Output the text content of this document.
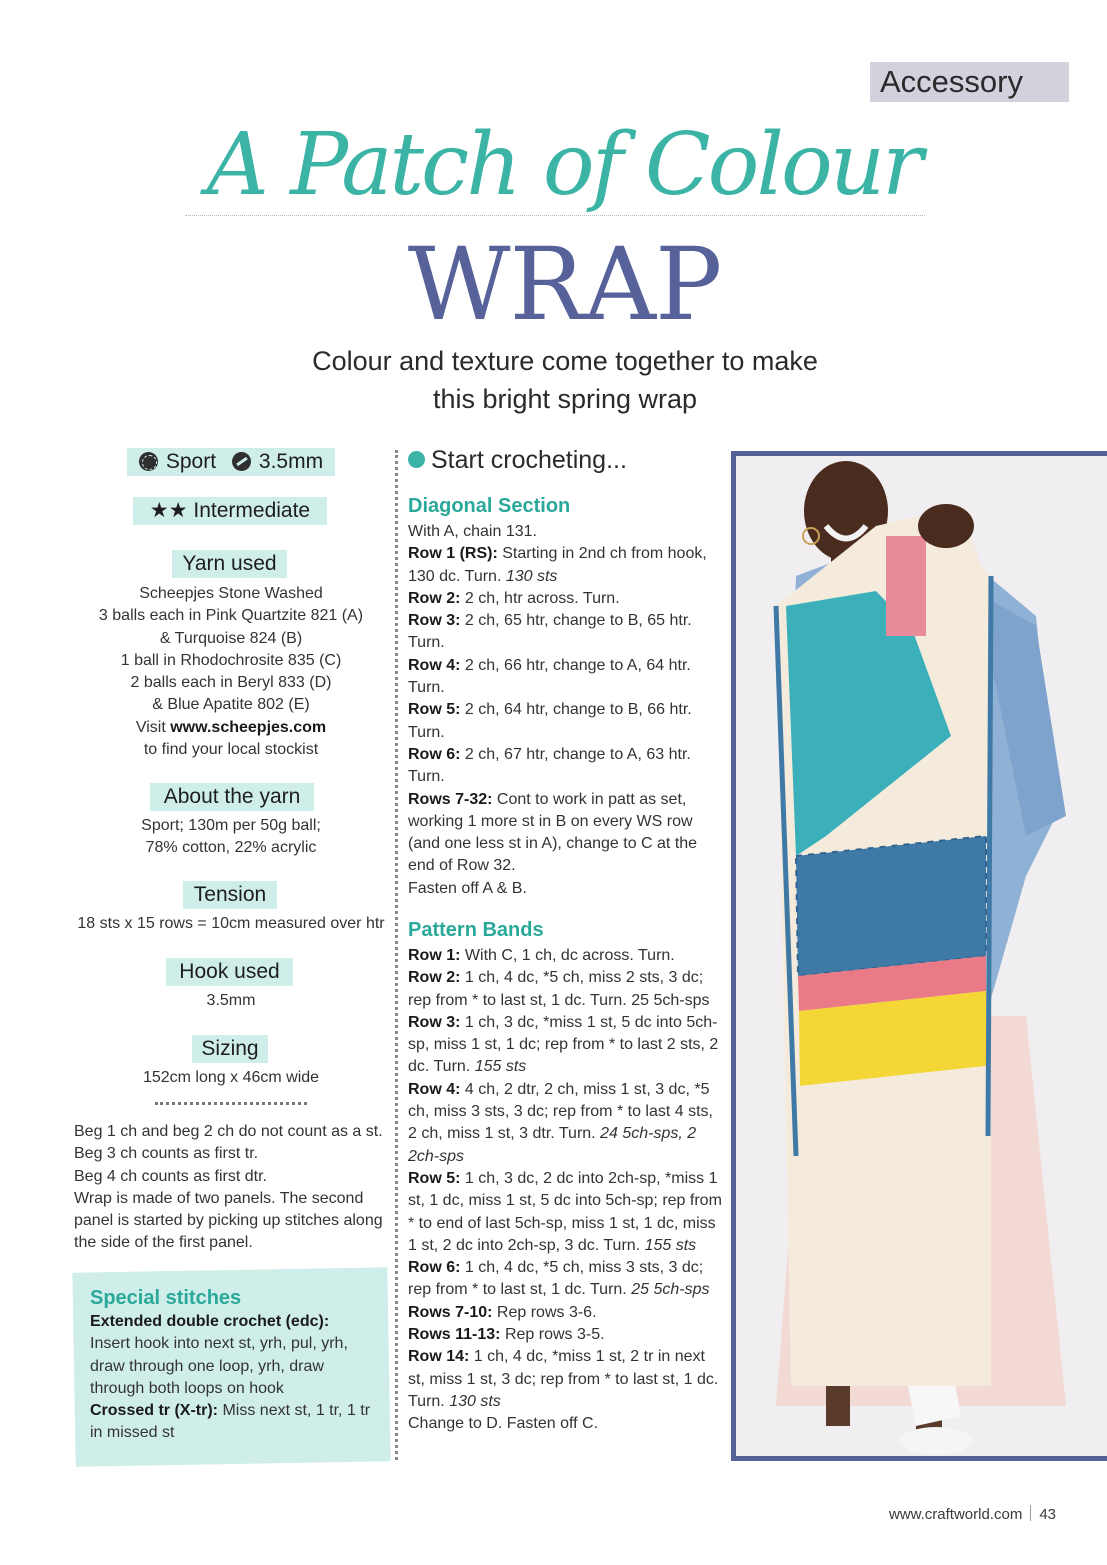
Accessory
A Patch of Colour
WRAP
Colour and texture come together to make
this bright spring wrap
Sport 3.5mm
★★ Intermediate
Yarn used
Scheepjes Stone Washed
3 balls each in Pink Quartzite 821 (A)
& Turquoise 824 (B)
1 ball in Rhodochrosite 835 (C)
2 balls each in Beryl 833 (D)
& Blue Apatite 802 (E)
Visit www.scheepjes.com
to find your local stockist
About the yarn
Sport; 130m per 50g ball;
78% cotton, 22% acrylic
Tension
18 sts x 15 rows = 10cm measured over htr
Hook used
3.5mm
Sizing
152cm long x 46cm wide
Beg 1 ch and beg 2 ch do not count as a st.
Beg 3 ch counts as first tr.
Beg 4 ch counts as first dtr.
Wrap is made of two panels. The second panel is started by picking up stitches along the side of the first panel.
Special stitches
Extended double crochet (edc):
Insert hook into next st, yrh, pul, yrh, draw through one loop, yrh, draw through both loops on hook
Crossed tr (X-tr): Miss next st, 1 tr, 1 tr in missed st
Start crocheting...
Diagonal Section

With A, chain 131.

Row 1 (RS): Starting in 2nd ch from hook, 130 dc. Turn. 130 sts

Row 2: 2 ch, htr across. Turn.

Row 3: 2 ch, 65 htr, change to B, 65 htr. Turn.

Row 4: 2 ch, 66 htr, change to A, 64 htr. Turn.

Row 5: 2 ch, 64 htr, change to B, 66 htr. Turn.

Row 6: 2 ch, 67 htr, change to A, 63 htr. Turn.

Rows 7-32: Cont to work in patt as set, working 1 more st in B on every WS row (and one less st in A), change to C at the end of Row 32.

Fasten off A & B.

Pattern Bands

Row 1: With C, 1 ch, dc across. Turn.

Row 2: 1 ch, 4 dc, *5 ch, miss 2 sts, 3 dc; rep from * to last st, 1 dc. Turn. 25 5ch-sps

Row 3: 1 ch, 3 dc, *miss 1 st, 5 dc into 5ch-sp, miss 1 st, 1 dc; rep from * to last 2 sts, 2 dc. Turn. 155 sts

Row 4: 4 ch, 2 dtr, 2 ch, miss 1 st, 3 dc, *5 ch, miss 3 sts, 3 dc; rep from * to last 4 sts, 2 ch, miss 1 st, 3 dtr. Turn. 24 5ch-sps, 2 2ch-sps

Row 5: 1 ch, 3 dc, 2 dc into 2ch-sp, *miss 1 st, 1 dc, miss 1 st, 5 dc into 5ch-sp; rep from * to end of last 5ch-sp, miss 1 st, 1 dc, miss 1 st, 2 dc into 2ch-sp, 3 dc. Turn. 155 sts

Row 6: 1 ch, 4 dc, *5 ch, miss 3 sts, 3 dc; rep from * to last st, 1 dc. Turn. 25 5ch-sps

Rows 7-10: Rep rows 3-6.

Rows 11-13: Rep rows 3-5.

Row 14: 1 ch, 4 dc, *miss 1 st, 2 tr in next st, miss 1 st, 3 dc; rep from * to last st, 1 dc. Turn. 130 sts

Change to D. Fasten off C.

www.craftworld.com 43
